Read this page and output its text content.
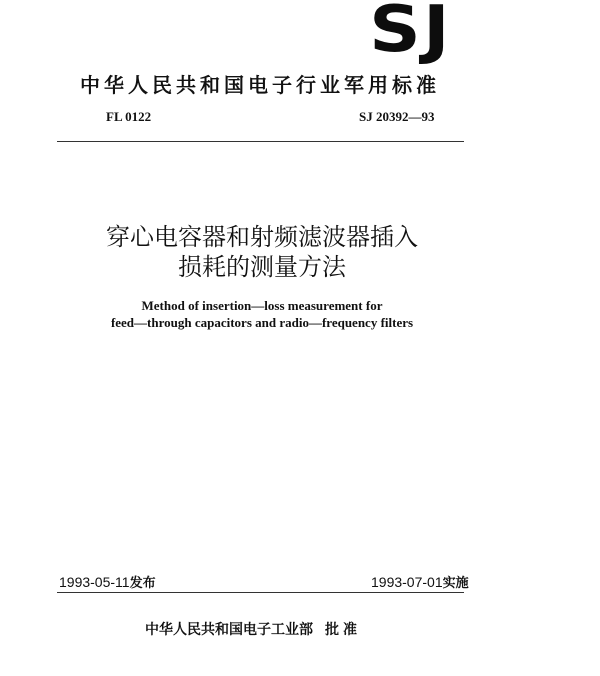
SJ
中华人民共和国电子行业军用标准
FL 0122	SJ 20392—93
穿心电容器和射频滤波器插入
损耗的测量方法
Method of insertion—loss measurement for
feed—through capacitors and radio—frequency filters
1993-05-11发布	1993-07-01实施
中华人民共和国电子工业部 批准
